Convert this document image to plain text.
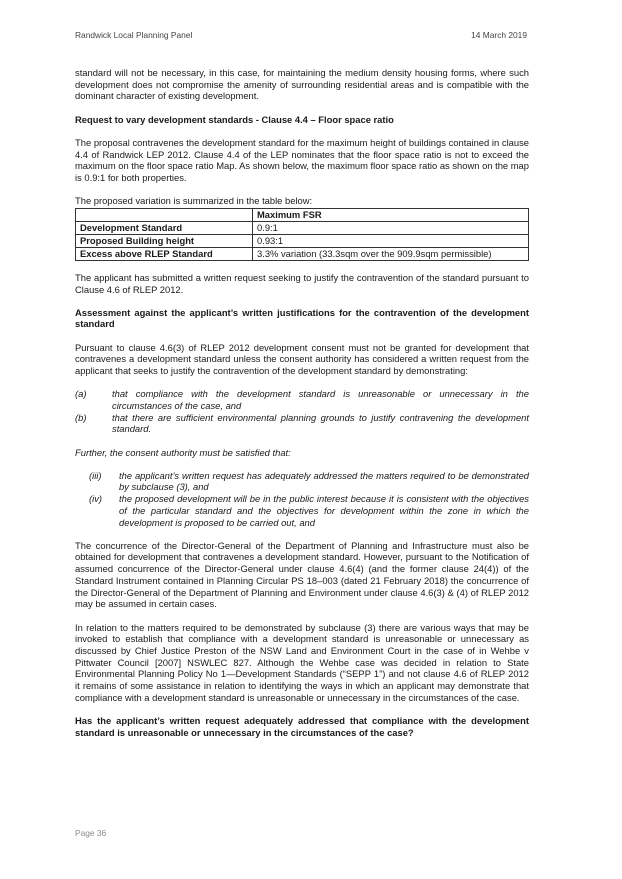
Randwick Local Planning Panel	14 March 2019

standard will not be necessary, in this case, for maintaining the medium density housing forms, where such development does not compromise the amenity of surrounding residential areas and is compatible with the dominant character of existing development.

Request to vary development standards - Clause 4.4 – Floor space ratio

The proposal contravenes the development standard for the maximum height of buildings contained in clause 4.4 of Randwick LEP 2012. Clause 4.4 of the LEP nominates that the floor space ratio is not to exceed the maximum on the floor space ratio Map. As shown below, the maximum floor space ratio as shown on the map is 0.9:1 for both properties.

The proposed variation is summarized in the table below:
	Maximum FSR
Development Standard	0.9:1
Proposed Building height	0.93:1
Excess above RLEP Standard	3.3% variation (33.3sqm over the 909.9sqm permissible)

The applicant has submitted a written request seeking to justify the contravention of the standard pursuant to Clause 4.6 of RLEP 2012.

Assessment against the applicant’s written justifications for the contravention of the development standard

Pursuant to clause 4.6(3) of RLEP 2012 development consent must not be granted for development that contravenes a development standard unless the consent authority has considered a written request from the applicant that seeks to justify the contravention of the development standard by demonstrating:

(a)	that compliance with the development standard is unreasonable or unnecessary in the circumstances of the case, and
(b)	that there are sufficient environmental planning grounds to justify contravening the development standard.

Further, the consent authority must be satisfied that:

(iii) the applicant’s written request has adequately addressed the matters required to be demonstrated by subclause (3), and
(iv) the proposed development will be in the public interest because it is consistent with the objectives of the particular standard and the objectives for development within the zone in which the development is proposed to be carried out, and

The concurrence of the Director-General of the Department of Planning and Infrastructure must also be obtained for development that contravenes a development standard. However, pursuant to the Notification of assumed concurrence of the Director-General under clause 4.6(4) (and the former clause 24(4)) of the Standard Instrument contained in Planning Circular PS 18–003 (dated 21 February 2018) the concurrence of the Director-General of the Department of Planning and Environment under clause 4.6(3) & (4) of RLEP 2012 may be assumed in certain cases.

In relation to the matters required to be demonstrated by subclause (3) there are various ways that may be invoked to establish that compliance with a development standard is unreasonable or unnecessary as discussed by Chief Justice Preston of the NSW Land and Environment Court in the case of in Wehbe v Pittwater Council [2007] NSWLEC 827. Although the Wehbe case was decided in relation to State Environmental Planning Policy No 1—Development Standards (“SEPP 1”) and not clause 4.6 of RLEP 2012 it remains of some assistance in relation to identifying the ways in which an applicant may demonstrate that compliance with a development standard is unreasonable or unnecessary in the circumstances of the case.

Has the applicant’s written request adequately addressed that compliance with the development standard is unreasonable or unnecessary in the circumstances of the case?
Page 36
